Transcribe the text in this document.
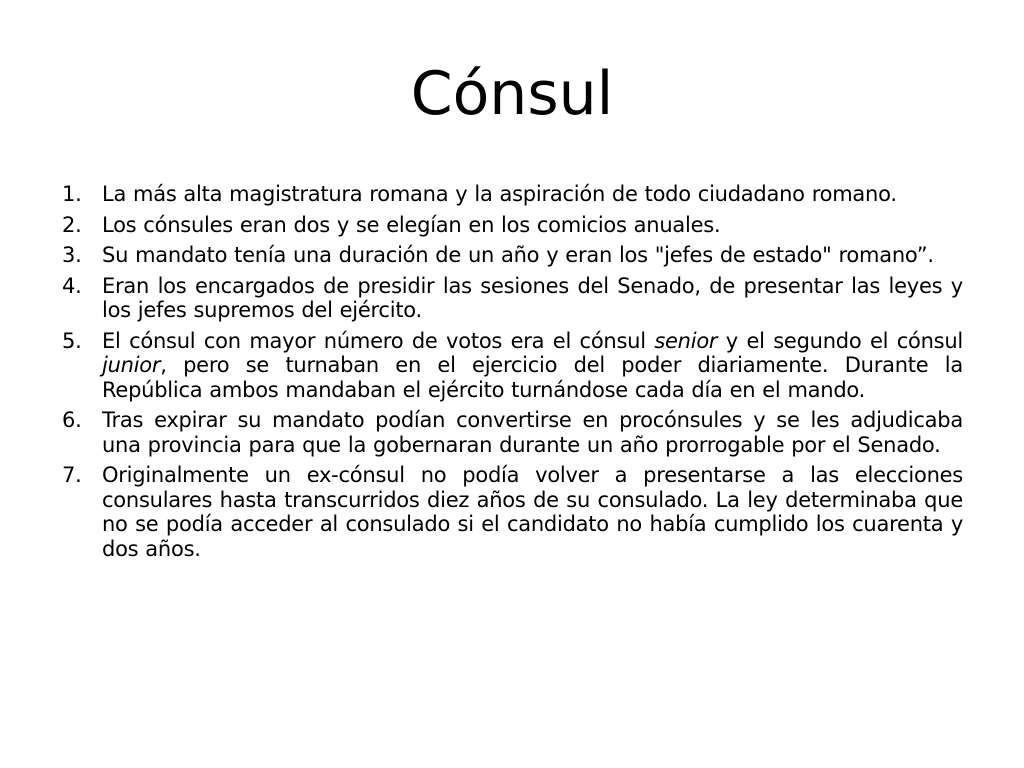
Cónsul
1. La más alta magistratura romana y la aspiración de todo ciudadano romano.
2. Los cónsules eran dos y se elegían en los comicios anuales.
3. Su mandato tenía una duración de un año y eran los "jefes de estado" romano”.
4. Eran los encargados de presidir las sesiones del Senado, de presentar las leyes y los jefes supremos del ejército.
5. El cónsul con mayor número de votos era el cónsul senior y el segundo el cónsul junior, pero se turnaban en el ejercicio del poder diariamente. Durante la República ambos mandaban el ejército turnándose cada día en el mando.
6. Tras expirar su mandato podían convertirse en procónsules y se les adjudicaba una provincia para que la gobernaran durante un año prorrogable por el Senado.
7. Originalmente un ex-cónsul no podía volver a presentarse a las elecciones consulares hasta transcurridos diez años de su consulado. La ley determinaba que no se podía acceder al consulado si el candidato no había cumplido los cuarenta y dos años.
